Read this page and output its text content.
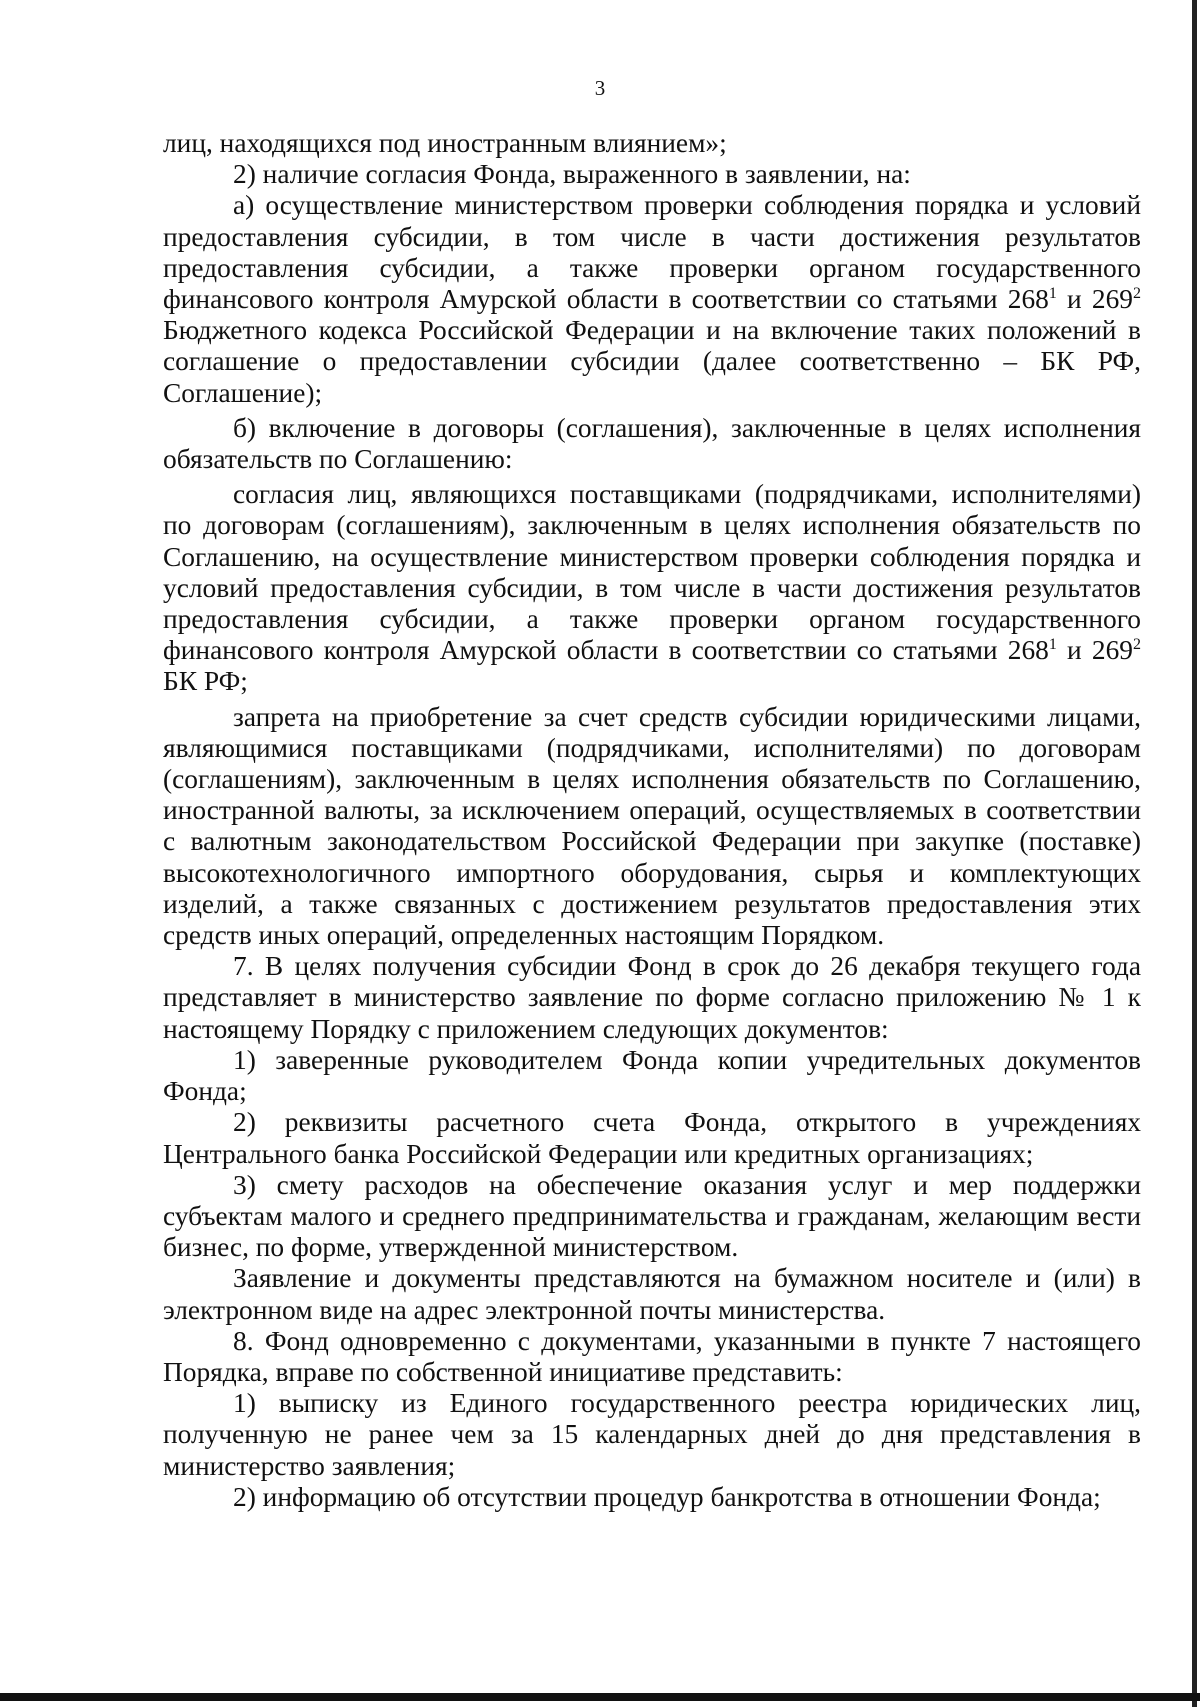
3

лиц, находящихся под иностранным влиянием»;

2) наличие согласия Фонда, выраженного в заявлении, на:

а) осуществление министерством проверки соблюдения порядка и условий предоставления субсидии, в том числе в части достижения результатов предоставления субсидии, а также проверки органом государственного финансового контроля Амурской области в соответствии со статьями $268^1$ и $269^2$ Бюджетного кодекса Российской Федерации и на включение таких положений в соглашение о предоставлении субсидии (далее соответственно – БК РФ, Соглашение);

б) включение в договоры (соглашения), заключенные в целях исполнения обязательств по Соглашению:

согласия лиц, являющихся поставщиками (подрядчиками, исполнителями) по договорам (соглашениям), заключенным в целях исполнения обязательств по Соглашению, на осуществление министерством проверки соблюдения порядка и условий предоставления субсидии, в том числе в части достижения результатов предоставления субсидии, а также проверки органом государственного финансового контроля Амурской области в соответствии со статьями $268^1$ и $269^2$ БК РФ;

запрета на приобретение за счет средств субсидии юридическими лицами, являющимися поставщиками (подрядчиками, исполнителями) по договорам (соглашениям), заключенным в целях исполнения обязательств по Соглашению, иностранной валюты, за исключением операций, осуществляемых в соответствии с валютным законодательством Российской Федерации при закупке (поставке) высокотехнологичного импортного оборудования, сырья и комплектующих изделий, а также связанных с достижением результатов предоставления этих средств иных операций, определенных настоящим Порядком.

7. В целях получения субсидии Фонд в срок до 26 декабря текущего года представляет в министерство заявление по форме согласно приложению № 1 к настоящему Порядку с приложением следующих документов:

1) заверенные руководителем Фонда копии учредительных документов Фонда;

2) реквизиты расчетного счета Фонда, открытого в учреждениях Центрального банка Российской Федерации или кредитных организациях;

3) смету расходов на обеспечение оказания услуг и мер поддержки субъектам малого и среднего предпринимательства и гражданам, желающим вести бизнес, по форме, утвержденной министерством.

Заявление и документы представляются на бумажном носителе и (или) в электронном виде на адрес электронной почты министерства.

8. Фонд одновременно с документами, указанными в пункте 7 настоящего Порядка, вправе по собственной инициативе представить:

1) выписку из Единого государственного реестра юридических лиц, полученную не ранее чем за 15 календарных дней до дня представления в министерство заявления;

2) информацию об отсутствии процедур банкротства в отношении Фонда;
